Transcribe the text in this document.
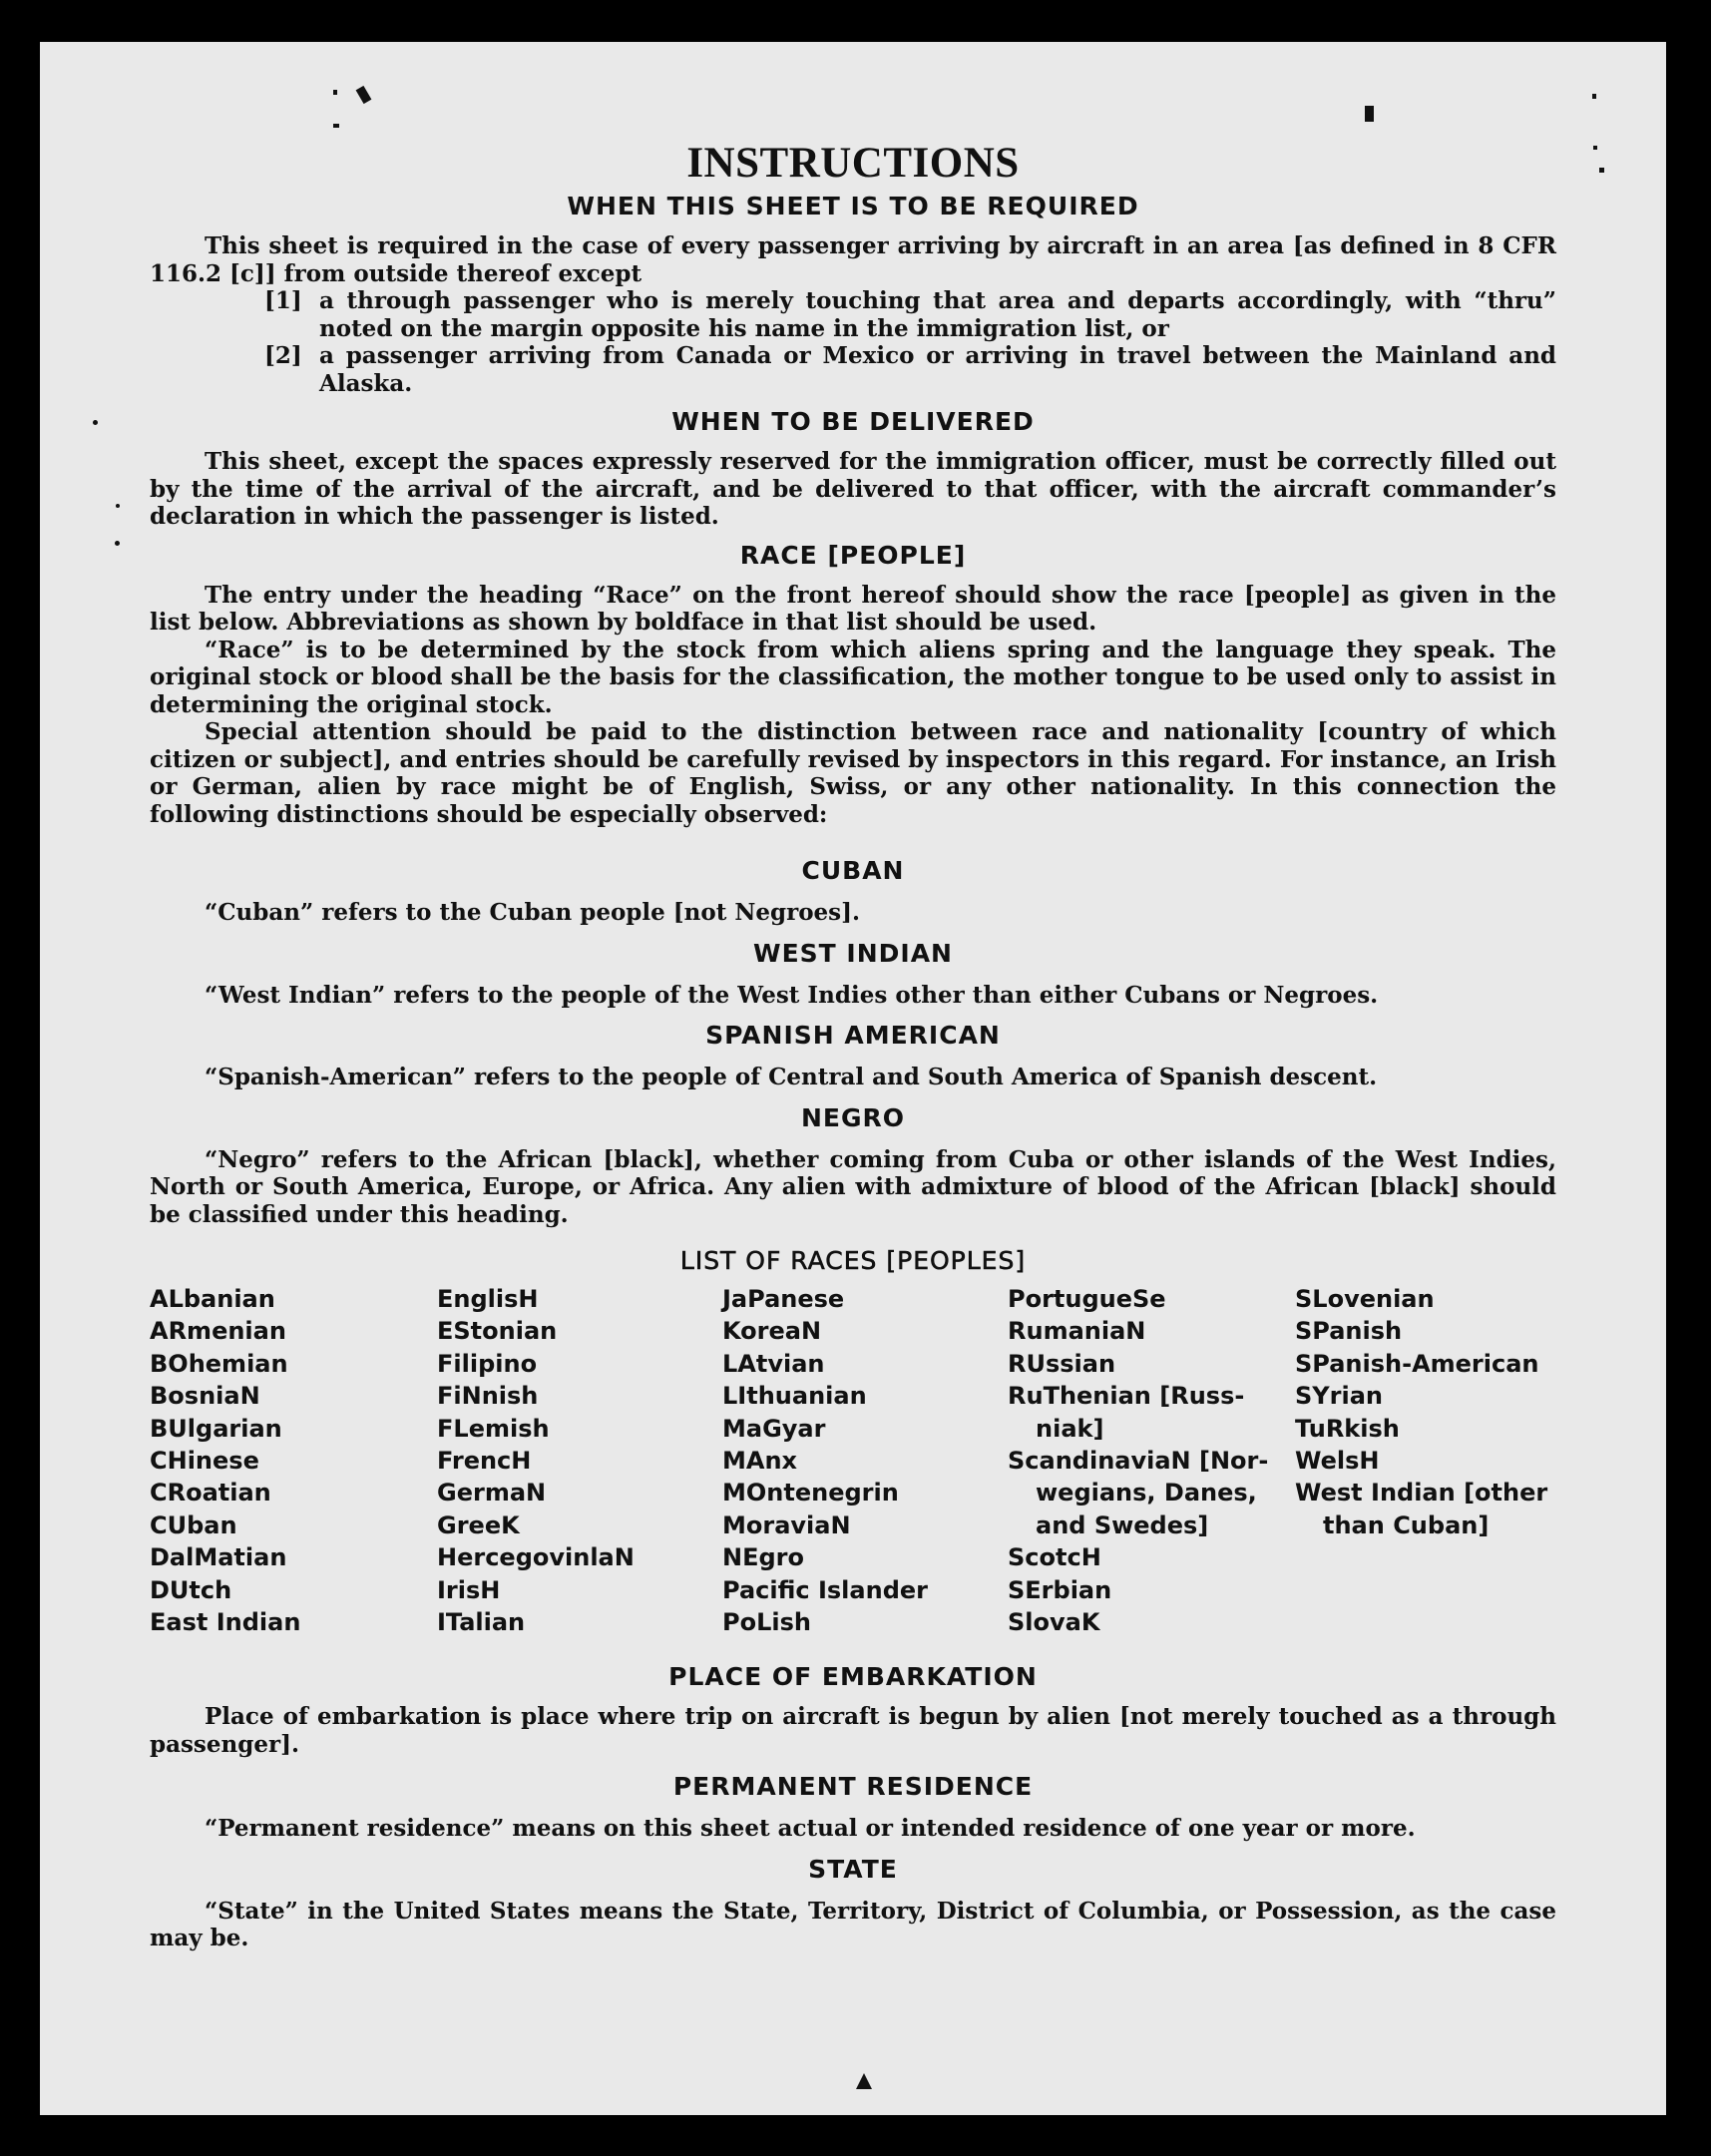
INSTRUCTIONS
WHEN THIS SHEET IS TO BE REQUIRED

This sheet is required in the case of every passenger arriving by aircraft in an area [as defined in 8 CFR 116.2 [c]] from outside thereof except

[1] a through passenger who is merely touching that area and departs accordingly, with “thru” noted on the margin opposite his name in the immigration list, or

[2] a passenger arriving from Canada or Mexico or arriving in travel between the Mainland and Alaska.

WHEN TO BE DELIVERED

This sheet, except the spaces expressly reserved for the immigration officer, must be correctly filled out by the time of the arrival of the aircraft, and be delivered to that officer, with the aircraft commander’s declaration in which the passenger is listed.

RACE [PEOPLE]

The entry under the heading “Race” on the front hereof should show the race [people] as given in the list below. Abbreviations as shown by boldface in that list should be used.

“Race” is to be determined by the stock from which aliens spring and the language they speak. The original stock or blood shall be the basis for the classification, the mother tongue to be used only to assist in determining the original stock.

Special attention should be paid to the distinction between race and nationality [country of which citizen or subject], and entries should be carefully revised by inspectors in this regard. For instance, an Irish or German, alien by race might be of English, Swiss, or any other nationality. In this connection the following distinctions should be especially observed:

CUBAN

“Cuban” refers to the Cuban people [not Negroes].

WEST INDIAN

“West Indian” refers to the people of the West Indies other than either Cubans or Negroes.

SPANISH AMERICAN

“Spanish-American” refers to the people of Central and South America of Spanish descent.

NEGRO

“Negro” refers to the African [black], whether coming from Cuba or other islands of the West Indies, North or South America, Europe, or Africa. Any alien with admixture of blood of the African [black] should be classified under this heading.

LIST OF RACES [PEOPLES]
ALbanian
ARmenian
BOhemian
BosniaN
BUlgarian
CHinese
CRoatian
CUban
DalMatian
DUtch
East Indian
EnglisH
EStonian
Filipino
FiNnish
FLemish
FrencH
GermaN
GreeK
HercegovinlaN
IrisH
ITalian
JaPanese
KoreaN
LAtvian
LIthuanian
MaGyar
MAnx
MOntenegrin
MoraviaN
NEgro
Pacific Islander
PoLish
PortugueSe
RumaniaN
RUssian
RuThenian [Russ-
niak]
ScandinaviaN [Nor-
wegians, Danes,
and Swedes]
ScotcH
SErbian
SlovaK
SLovenian
SPanish
SPanish-American
SYrian
TuRkish
WelsH
West Indian [other
than Cuban]
PLACE OF EMBARKATION

Place of embarkation is place where trip on aircraft is begun by alien [not merely touched as a through passenger].

PERMANENT RESIDENCE

“Permanent residence” means on this sheet actual or intended residence of one year or more.

STATE

“State” in the United States means the State, Territory, District of Columbia, or Possession, as the case may be.
